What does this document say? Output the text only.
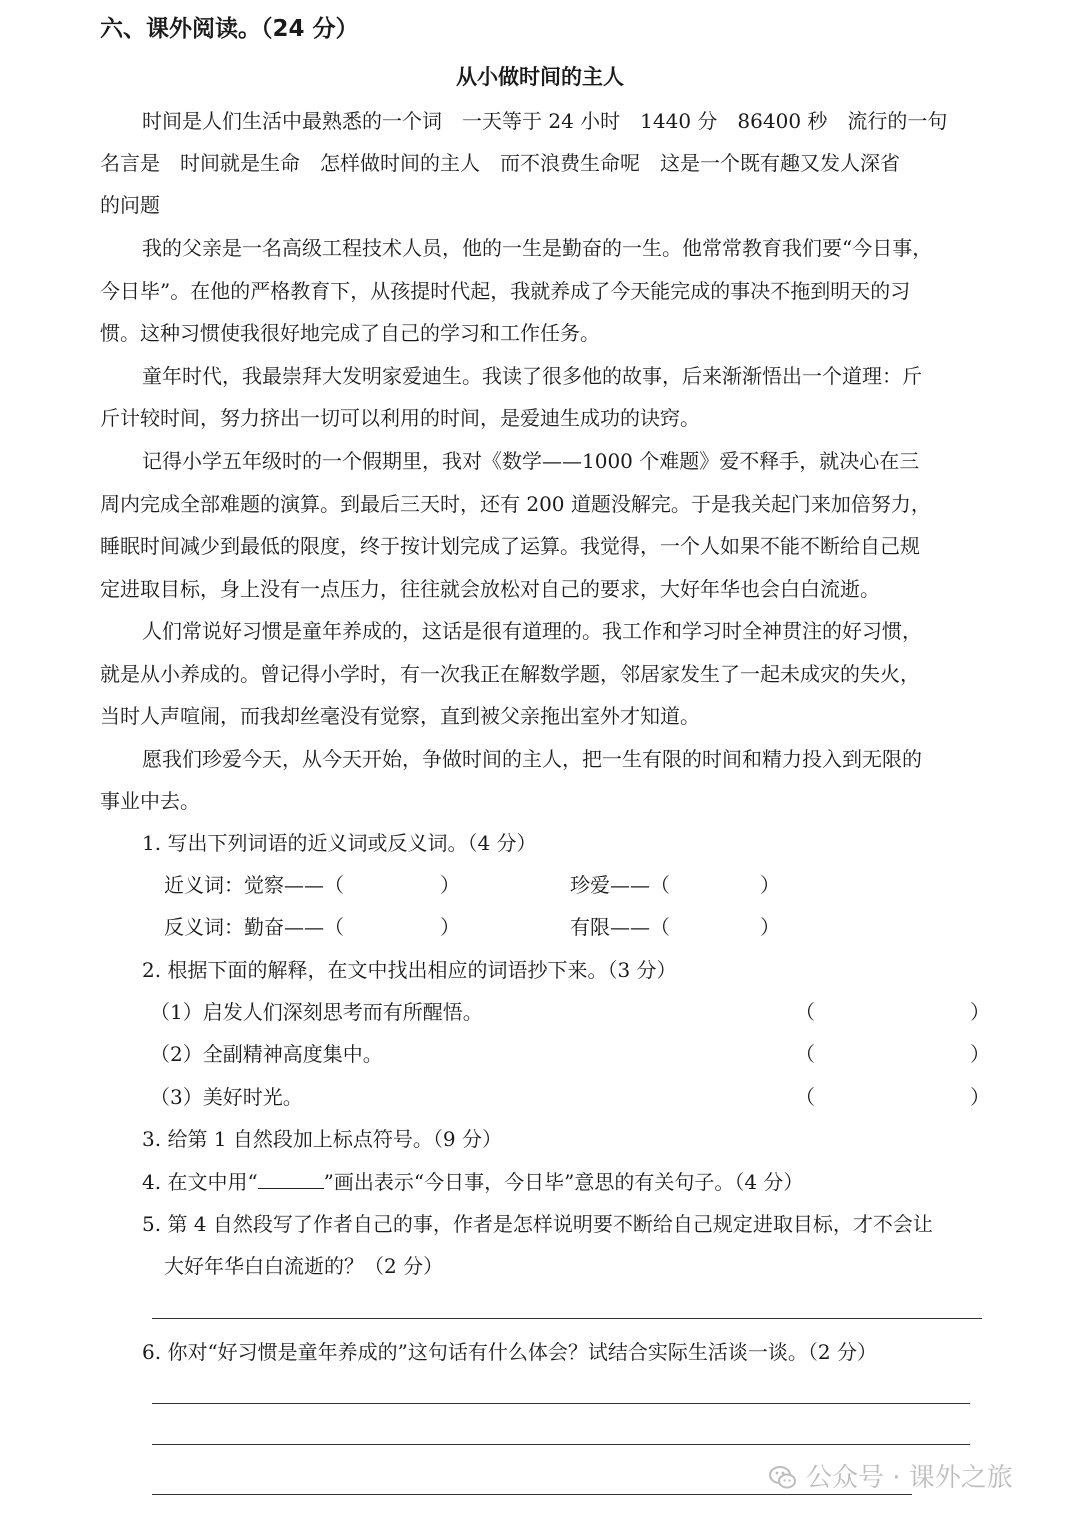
六、课外阅读。（24 分）
从小做时间的主人
时间是人们生活中最熟悉的一个词　一天等于 24 小时　1440 分　86400 秒　流行的一句
名言是　时间就是生命　怎样做时间的主人　而不浪费生命呢　这是一个既有趣又发人深省
的问题
我的父亲是一名高级工程技术人员，他的一生是勤奋的一生。他常常教育我们要“今日事，
今日毕”。在他的严格教育下，从孩提时代起，我就养成了今天能完成的事决不拖到明天的习
惯。这种习惯使我很好地完成了自己的学习和工作任务。
童年时代，我最崇拜大发明家爱迪生。我读了很多他的故事，后来渐渐悟出一个道理：斤
斤计较时间，努力挤出一切可以利用的时间，是爱迪生成功的诀窍。
记得小学五年级时的一个假期里，我对《数学——1000 个难题》爱不释手，就决心在三
周内完成全部难题的演算。到最后三天时，还有 200 道题没解完。于是我关起门来加倍努力，
睡眠时间减少到最低的限度，终于按计划完成了运算。我觉得，一个人如果不能不断给自己规
定进取目标，身上没有一点压力，往往就会放松对自己的要求，大好年华也会白白流逝。
人们常说好习惯是童年养成的，这话是很有道理的。我工作和学习时全神贯注的好习惯，
就是从小养成的。曾记得小学时，有一次我正在解数学题，邻居家发生了一起未成灾的失火，
当时人声喧闹，而我却丝毫没有觉察，直到被父亲拖出室外才知道。
愿我们珍爱今天，从今天开始，争做时间的主人，把一生有限的时间和精力投入到无限的
事业中去。
1. 写出下列词语的近义词或反义词。（4 分）
近义词：觉察——（	）	珍爱——（	）
反义词：勤奋——（	）	有限——（	）
2. 根据下面的解释，在文中找出相应的词语抄下来。（3 分）
（1）启发人们深刻思考而有所醒悟。	（	）
（2）全副精神高度集中。	（	）
（3）美好时光。	（	）
3. 给第 1 自然段加上标点符号。（9 分）
4. 在文中用“	”画出表示“今日事，今日毕”意思的有关句子。（4 分）
5. 第 4 自然段写了作者自己的事，作者是怎样说明要不断给自己规定进取目标，才不会让
大好年华白白流逝的？（2 分）
6. 你对“好习惯是童年养成的”这句话有什么体会？试结合实际生活谈一谈。（2 分）
公众号 · 课外之旅
